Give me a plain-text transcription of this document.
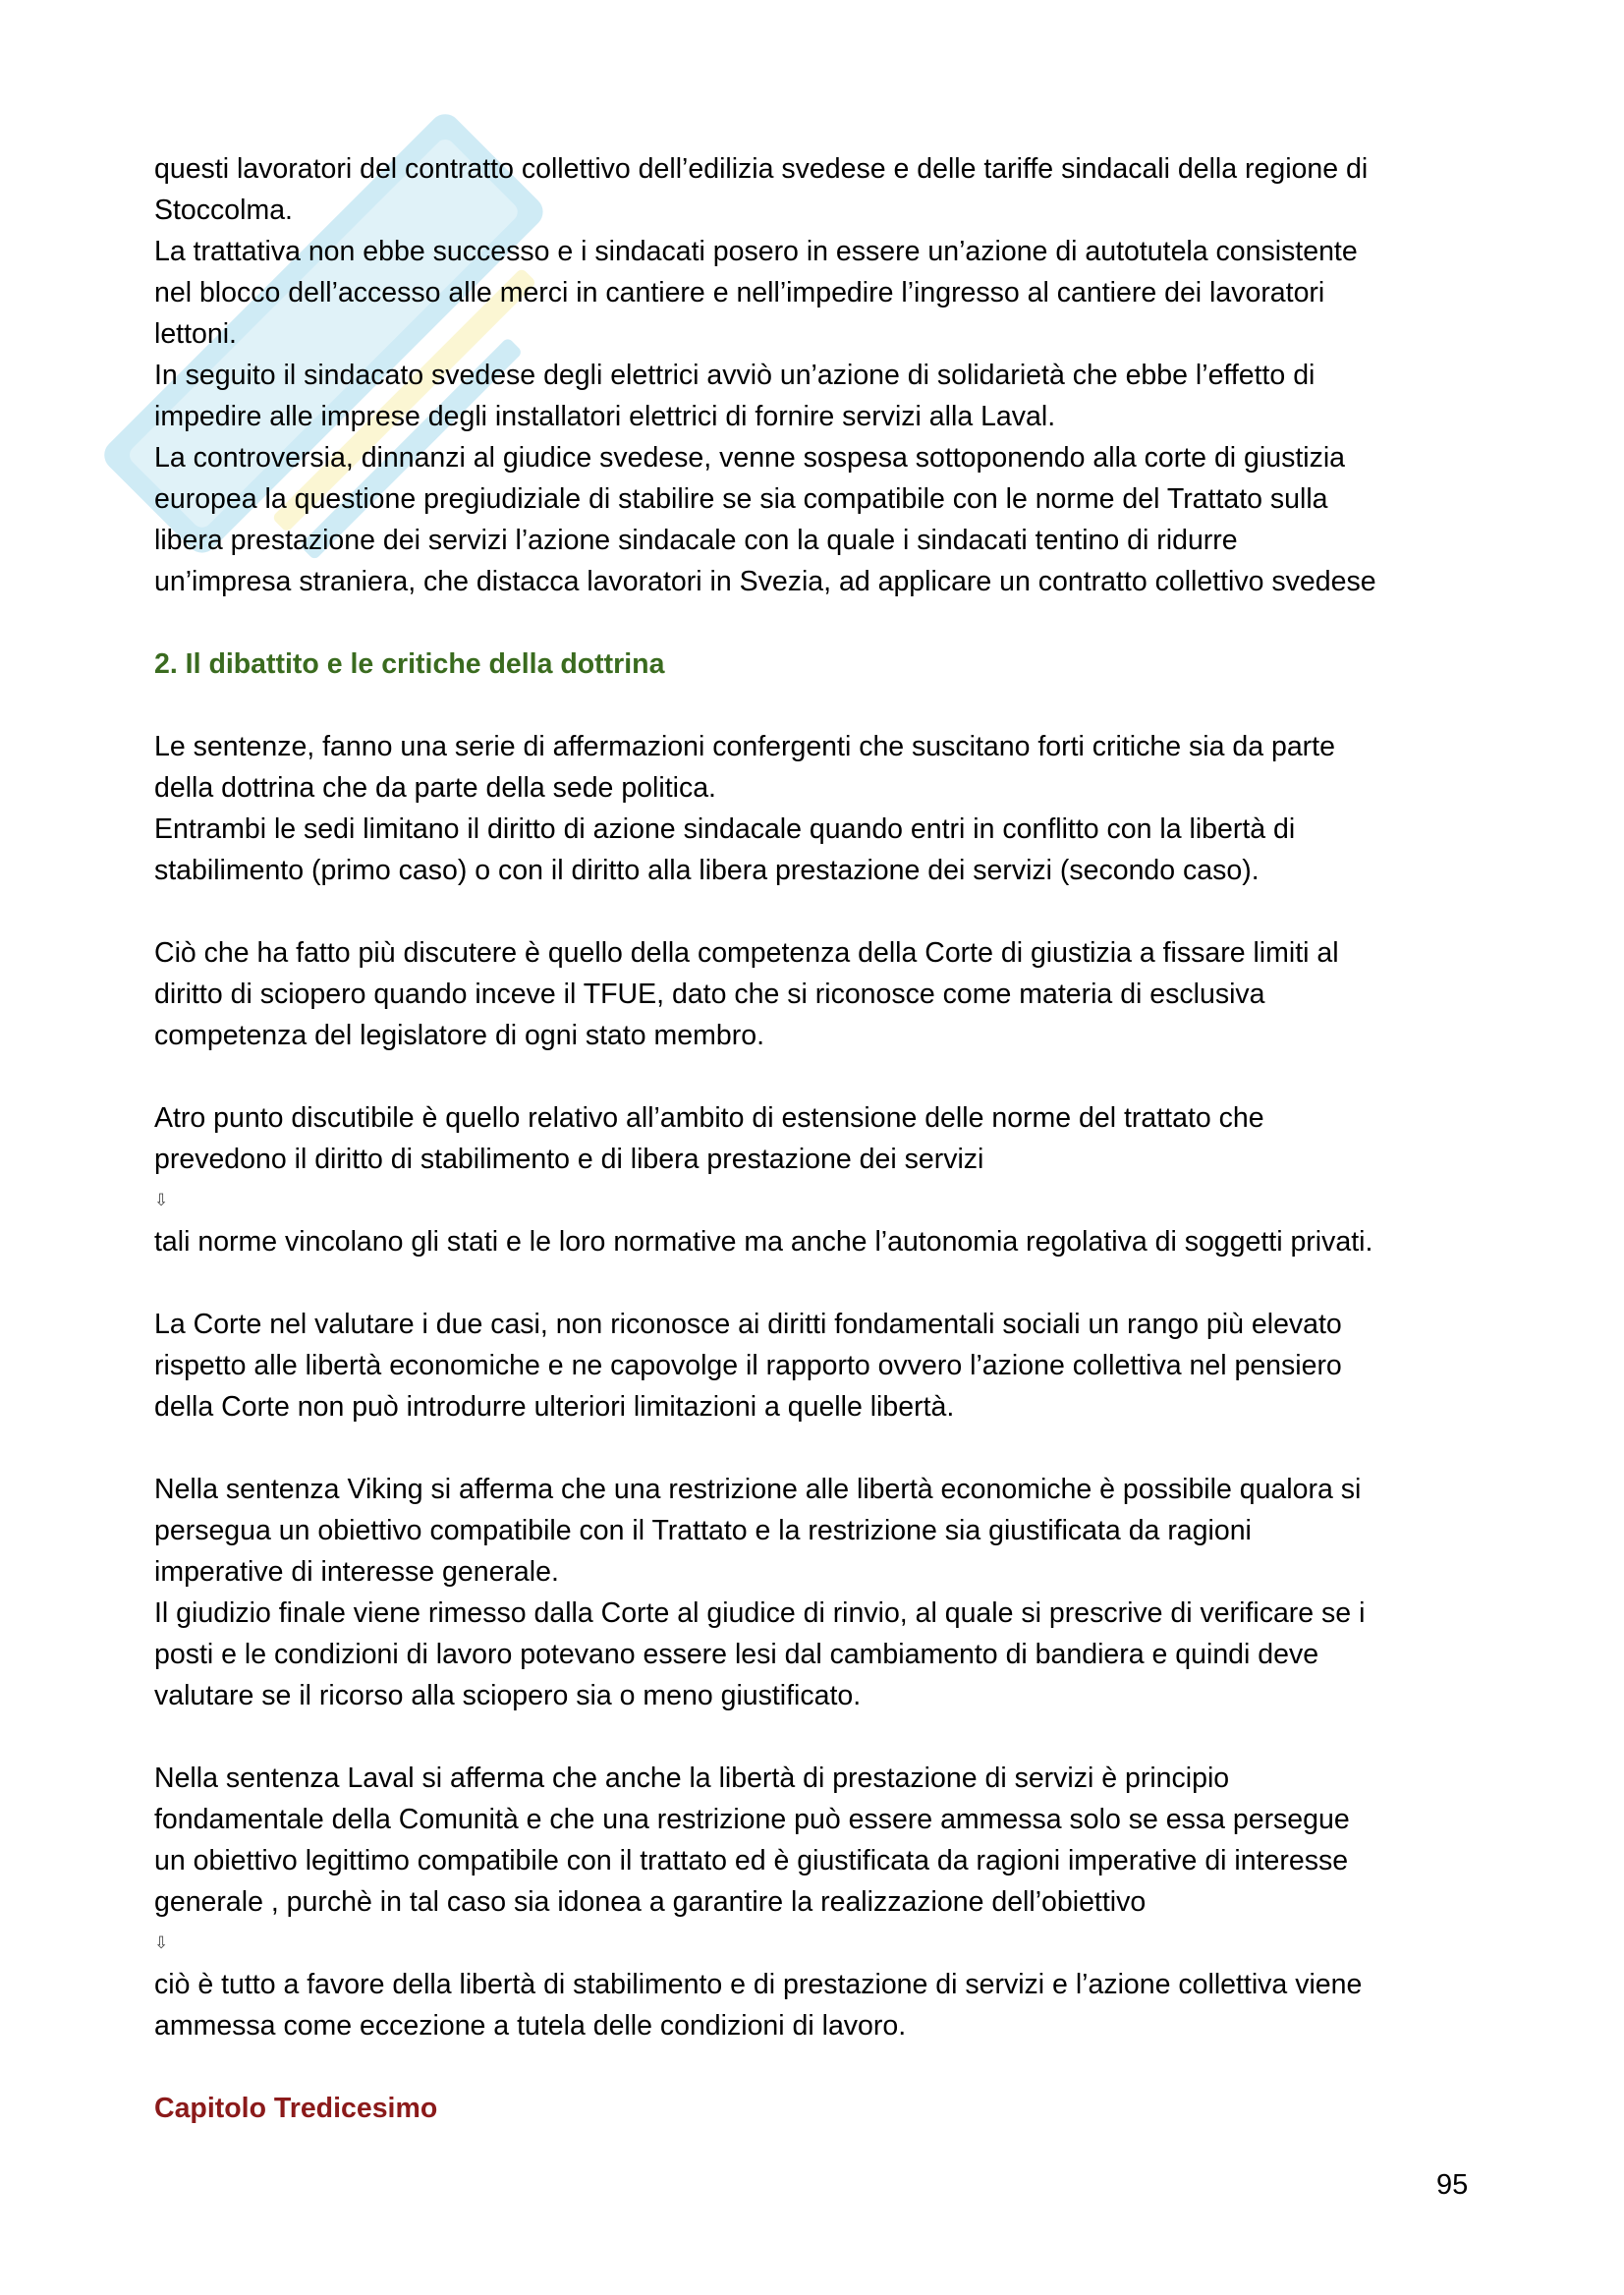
questi lavoratori del contratto collettivo dell’edilizia svedese e delle tariffe sindacali della regione di

Stoccolma.

La trattativa non ebbe successo e i sindacati posero in essere un’azione di autotutela consistente

nel blocco dell’accesso alle merci in cantiere e nell’impedire l’ingresso al cantiere dei lavoratori

lettoni.

In seguito il sindacato svedese degli elettrici avviò un’azione di solidarietà che ebbe l’effetto di

impedire alle imprese degli installatori elettrici di fornire servizi alla Laval.

La controversia, dinnanzi al giudice svedese, venne sospesa sottoponendo alla corte di giustizia

europea la questione pregiudiziale di stabilire se sia compatibile con le norme del Trattato sulla

libera prestazione dei servizi l’azione sindacale con la quale i sindacati tentino di ridurre

un’impresa straniera, che distacca lavoratori in Svezia, ad applicare un contratto collettivo svedese

2. Il dibattito e le critiche della dottrina

Le sentenze, fanno una serie di affermazioni confergenti che suscitano forti critiche sia da parte

della dottrina che da parte della sede politica.

Entrambi le sedi limitano il diritto di azione sindacale quando entri in conflitto con la libertà di

stabilimento (primo caso) o con il diritto alla libera prestazione dei servizi (secondo caso).

Ciò che ha fatto più discutere è quello della competenza della Corte di giustizia a fissare limiti al

diritto di sciopero quando inceve il TFUE, dato che si riconosce come materia di esclusiva

competenza del legislatore di ogni stato membro.

Atro punto discutibile è quello relativo all’ambito di estensione delle norme del trattato che

prevedono il diritto di stabilimento e di libera prestazione dei servizi

⇩

tali norme vincolano gli stati e le loro normative ma anche l’autonomia regolativa di soggetti privati.

La Corte nel valutare i due casi, non riconosce ai diritti fondamentali sociali un rango più elevato

rispetto alle libertà economiche e ne capovolge il rapporto ovvero l’azione collettiva nel pensiero

della Corte non può introdurre ulteriori limitazioni a quelle libertà.

Nella sentenza Viking si afferma che una restrizione alle libertà economiche è possibile qualora si

persegua un obiettivo compatibile con il Trattato e la restrizione sia giustificata da ragioni

imperative di interesse generale.

Il giudizio finale viene rimesso dalla Corte al giudice di rinvio, al quale si prescrive di verificare se i

posti e le condizioni di lavoro potevano essere lesi dal cambiamento di bandiera e quindi deve

valutare se il ricorso alla sciopero sia o meno giustificato.

Nella sentenza Laval si afferma che anche la libertà di prestazione di servizi è principio

fondamentale della Comunità e che una restrizione può essere ammessa solo se essa persegue

un obiettivo legittimo compatibile con il trattato ed è giustificata da ragioni imperative di interesse

generale , purchè in tal caso sia idonea a garantire la realizzazione dell’obiettivo

⇩

ciò è tutto a favore della libertà di stabilimento e di prestazione di servizi e l’azione collettiva viene

ammessa come eccezione a tutela delle condizioni di lavoro.

Capitolo Tredicesimo

95
